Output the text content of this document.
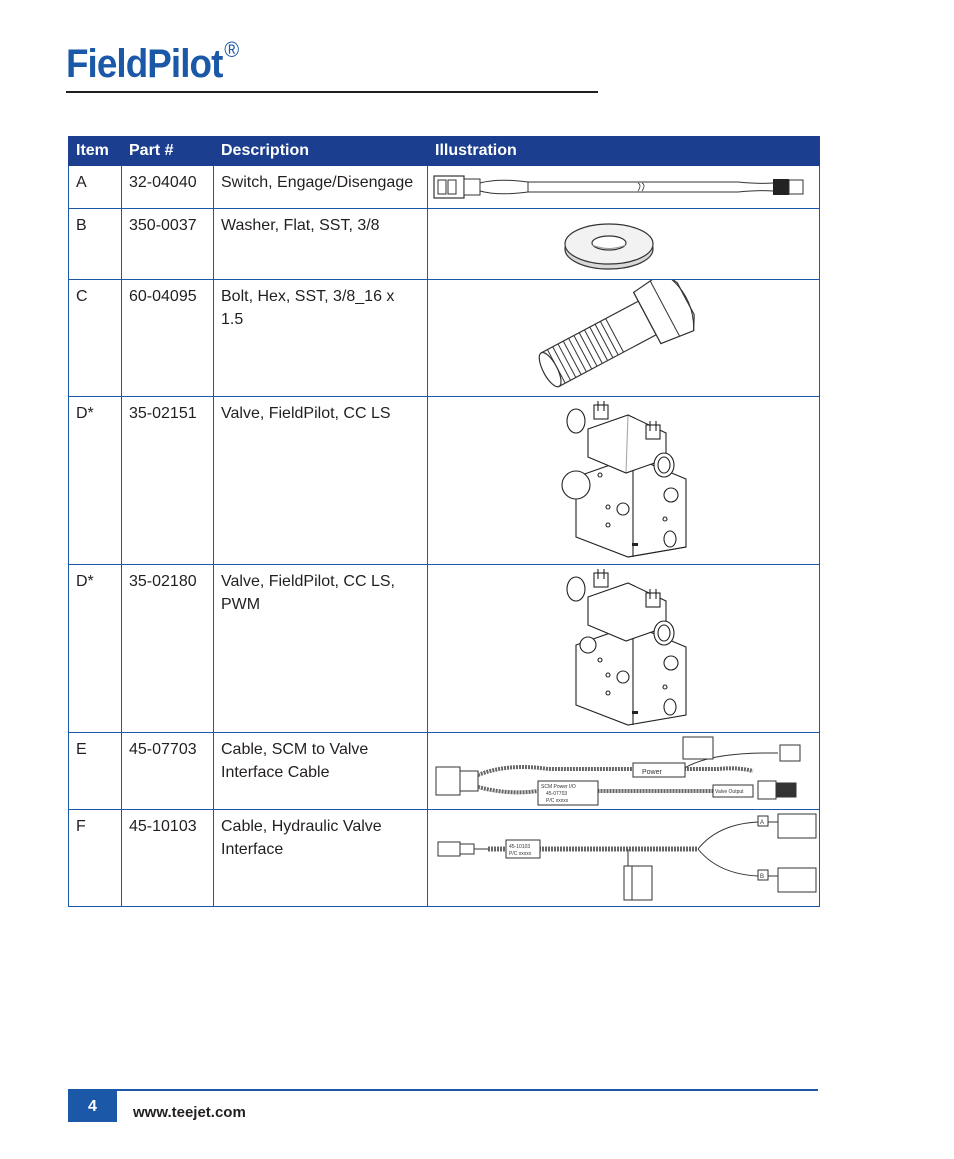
FieldPilot®
Item	Part #	Description	Illustration
A	32-04040	Switch, Engage/Disengage	

B	350-0037	Washer, Flat, SST, 3/8	

C	60-04095	Bolt, Hex, SST, 3/8_16 x 1.5	

D*	35-02151	Valve, FieldPilot, CC LS	

D*	35-02180	Valve, FieldPilot, CC LS, PWM	

E	45-07703	Cable, SCM to Valve Interface Cable	Power
SCM Power I/O
45-07703
P/C xxxxx
Valve Output

F	45-10103	Cable, Hydraulic Valve Interface	45-10103
P/C xxxxx
A
B
4	www.teejet.com
